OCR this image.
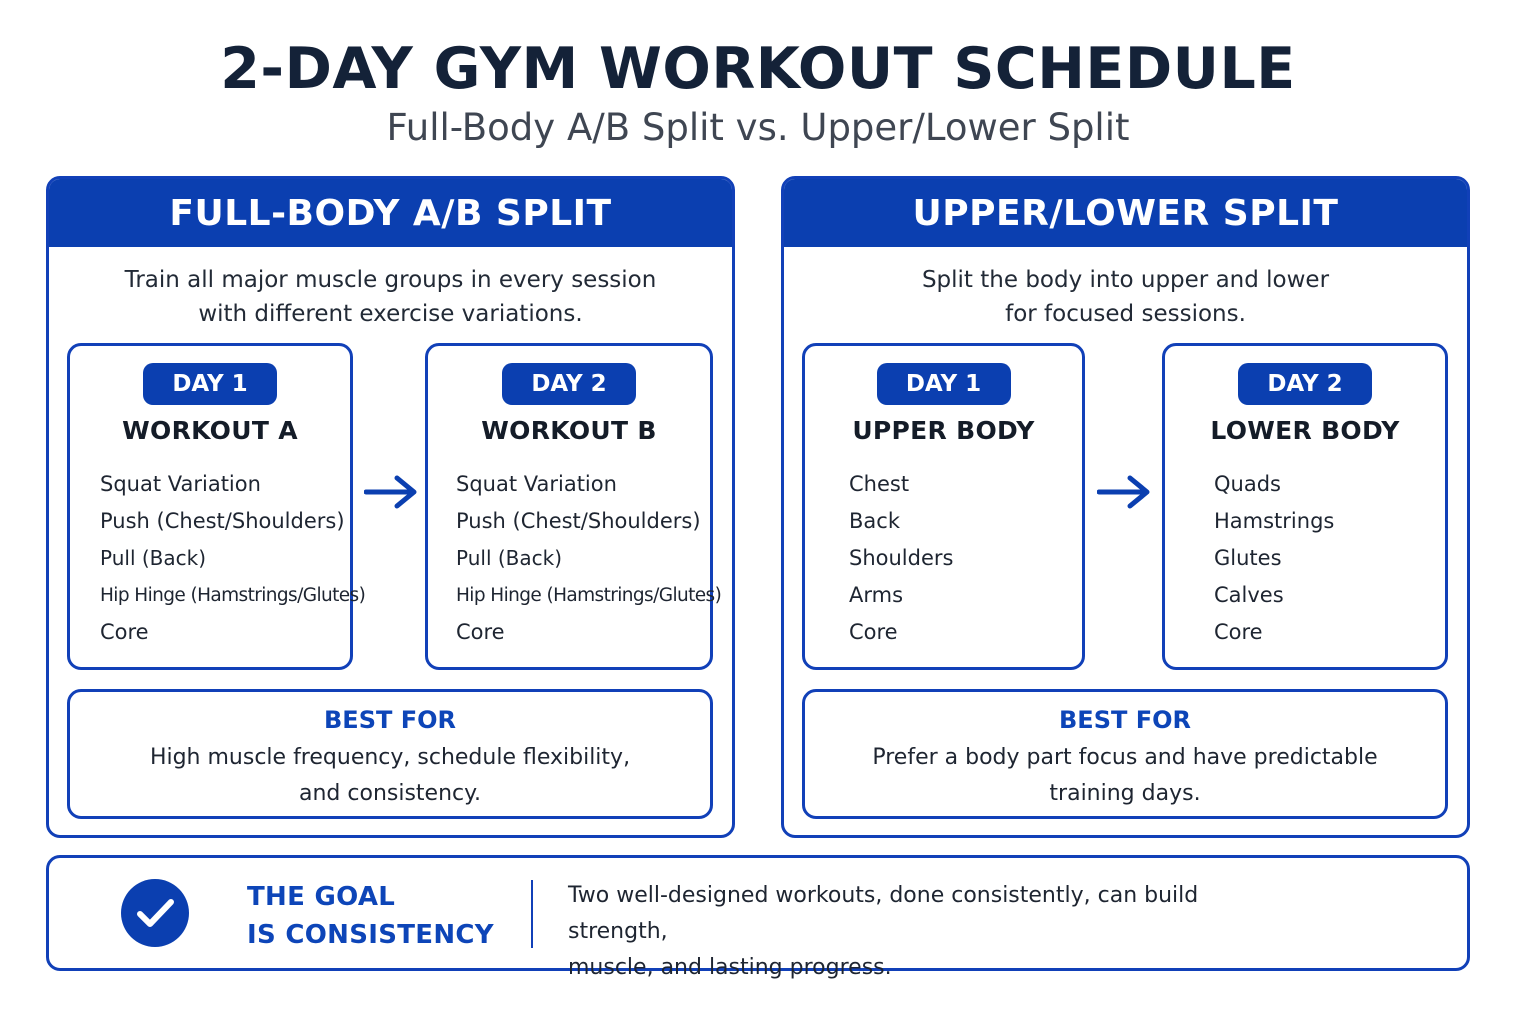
2-DAY GYM WORKOUT SCHEDULE
Full-Body A/B Split vs. Upper/Lower Split
FULL-BODY A/B SPLIT
Train all major muscle groups in every session
with different exercise variations.
DAY 1
WORKOUT A
Squat Variation
Push (Chest/Shoulders)
Pull (Back)
Hip Hinge (Hamstrings/Glutes)
Core
DAY 2
WORKOUT B
Squat Variation
Push (Chest/Shoulders)
Pull (Back)
Hip Hinge (Hamstrings/Glutes)
Core
BEST FOR
High muscle frequency, schedule flexibility,
and consistency.
UPPER/LOWER SPLIT
Split the body into upper and lower
for focused sessions.
DAY 1
UPPER BODY
Chest
Back
Shoulders
Arms
Core
DAY 2
LOWER BODY
Quads
Hamstrings
Glutes
Calves
Core
BEST FOR
Prefer a body part focus and have predictable
training days.
THE GOAL
IS CONSISTENCY
Two well-designed workouts, done consistently, can build strength,
muscle, and lasting progress.
